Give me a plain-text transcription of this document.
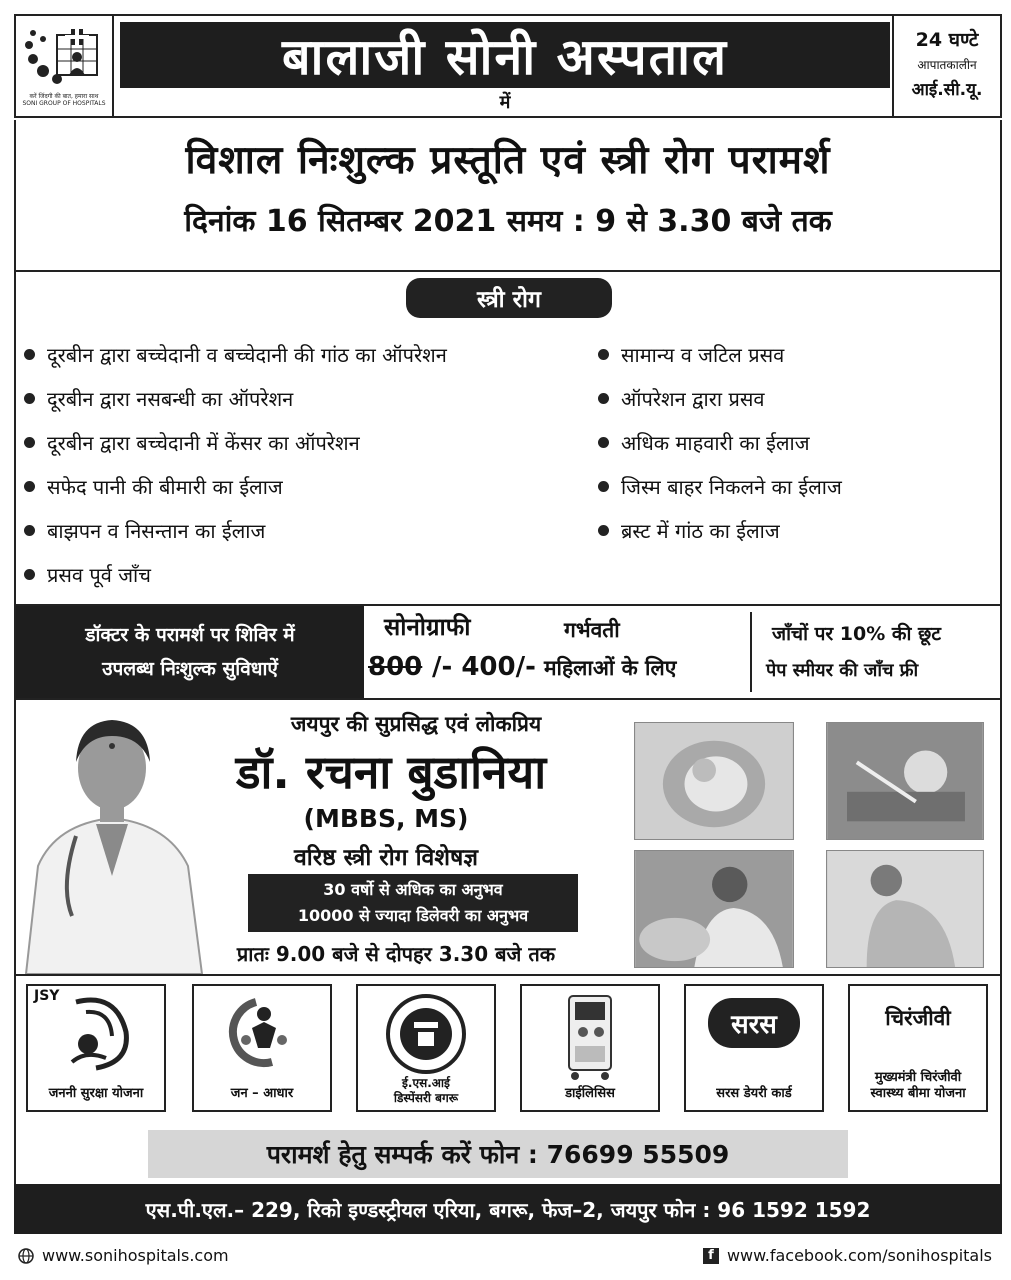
करें जिंदगी की बात, हमारा साथ
SONI GROUP OF HOSPITALS
बालाजी सोनी अस्पताल
में
24 घण्टे
आपातकालीन
आई.सी.यू.
विशाल निःशुल्क प्रस्तूति एवं स्त्री रोग परामर्श
दिनांक 16 सितम्बर 2021 समय : 9 से 3.30 बजे तक
स्त्री रोग
दूरबीन द्वारा बच्चेदानी व बच्चेदानी की गांठ का ऑपरेशन
दूरबीन द्वारा नसबन्धी का ऑपरेशन
दूरबीन द्वारा बच्चेदानी में केंसर का ऑपरेशन
सफेद पानी की बीमारी का ईलाज
बाझपन व निसन्तान का ईलाज
प्रसव पूर्व जाँच
सामान्य व जटिल प्रसव
ऑपरेशन द्वारा प्रसव
अधिक माहवारी का ईलाज
जिस्म बाहर निकलने का ईलाज
ब्रस्ट में गांठ का ईलाज
डॉक्टर के परामर्श पर शिविर में
उपलब्ध निःशुल्क सुविधाऐं
सोनोग्राफी
800 /- 400/-
गर्भवती
महिलाओं के लिए
जाँचों पर 10% की छूट
पेप स्मीयर की जाँच फ्री
जयपुर की सुप्रसिद्ध एवं लोकप्रिय
डॉ. रचना बुडानिया
(MBBS, MS)
वरिष्ठ स्त्री रोग विशेषज्ञ
30 वर्षो से अधिक का अनुभव
10000 से ज्यादा डिलेवरी का अनुभव
प्रातः 9.00 बजे से दोपहर 3.30 बजे तक
JSY
जननी सुरक्षा योजना	जन – आधार
ई.एस.आई
डिस्पेंसरी बगरू	डाईलिसिस
सरस
सरस डेयरी कार्ड
चिरंजीवी
मुख्यमंत्री चिरंजीवी
स्वास्थ्य बीमा योजना
परामर्श हेतु सम्पर्क करें फोन : 76699 55509
एस.पी.एल.– 229, रिको इण्डस्ट्रीयल एरिया, बगरू, फेज–2, जयपुर फोन : 96 1592 1592
www.sonihospitals.com	f www.facebook.com/sonihospitals
